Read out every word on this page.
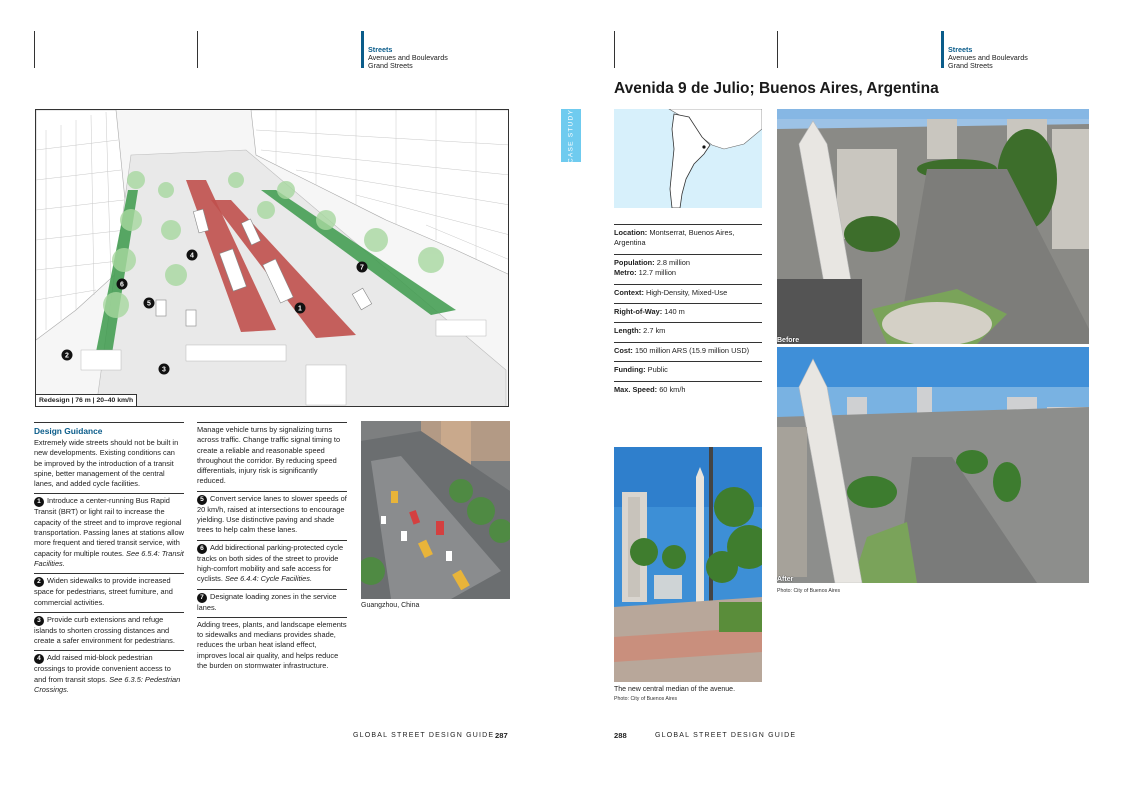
Streets
Avenues and Boulevards
Grand Streets
Streets
Avenues and Boulevards
Grand Streets
Avenida 9 de Julio; Buenos Aires, Argentina
1
2
3
4
5
6
7
Redesign | 76 m | 20–40 km/h
Design Guidance
Extremely wide streets should not be built in new developments. Existing conditions can be improved by the introduction of a transit spine, better management of the central lanes, and added cycle facilities.
1 Introduce a center-running Bus Rapid Transit (BRT) or light rail to increase the capacity of the street and to improve regional transportation. Passing lanes at stations allow more frequent and tiered transit service, with capacity for multiple routes. See 6.5.4: Transit Facilities.
2 Widen sidewalks to provide increased space for pedestrians, street furniture, and commercial activities.
3 Provide curb extensions and refuge islands to shorten crossing distances and create a safer environment for pedestrians.
4 Add raised mid-block pedestrian crossings to provide convenient access to and from transit stops. See 6.3.5: Pedestrian Crossings.
Manage vehicle turns by signalizing turns across traffic. Change traffic signal timing to create a reliable and reasonable speed throughout the corridor. By reducing speed differentials, injury risk is significantly reduced.
5 Convert service lanes to slower speeds of 20 km/h, raised at intersections to encourage yielding. Use distinctive paving and shade trees to help calm these lanes.
6 Add bidirectional parking-protected cycle tracks on both sides of the street to provide high-comfort mobility and safe access for cyclists. See 6.4.4: Cycle Facilities.
7 Designate loading zones in the service lanes.
Adding trees, plants, and landscape elements to sidewalks and medians provides shade, reduces the urban heat island effect, improves local air quality, and helps reduce the burden on stormwater infrastructure.
Guangzhou, China
CASE STUDY
Location: Montserrat, Buenos Aires, Argentina
Population: 2.8 million
Metro: 12.7 million
Context: High-Density, Mixed-Use
Right-of-Way: 140 m
Length: 2.7 km
Cost: 150 million ARS (15.9 million USD)
Funding: Public
Max. Speed: 60 km/h
The new central median of the avenue.
Photo: City of Buenos Aires
Before
After
Photo: City of Buenos Aires
GLOBAL STREET DESIGN GUIDE 287	288	GLOBAL STREET DESIGN GUIDE
